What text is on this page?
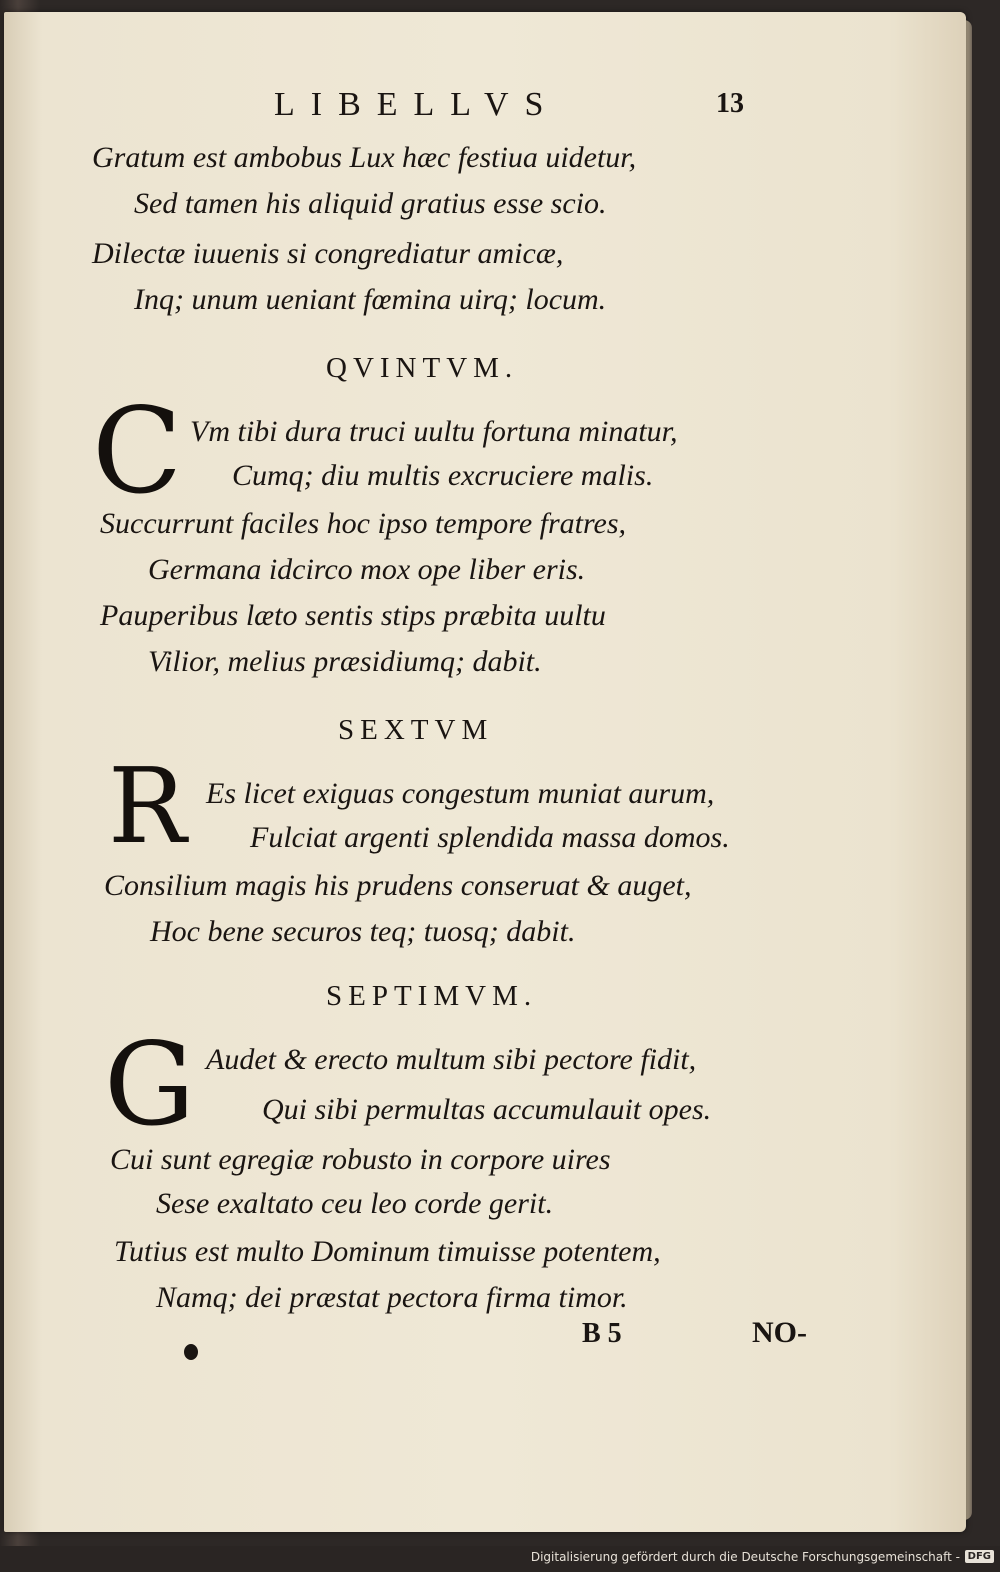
LIBELLVS	13

Gratum est ambobus Lux hæc festiua uidetur,

Sed tamen his aliquid gratius esse scio.

Dilectæ iuuenis si congrediatur amicæ,

Inq; unum ueniant fœmina uirq; locum.

QVINTVM.
C Vm tibi dura truci uultu fortuna minatur,

Cumq; diu multis excruciere malis.

Succurrunt faciles hoc ipso tempore fratres,

Germana idcirco mox ope liber eris.

Pauperibus læto sentis stips præbita uultu

Vilior, melius præsidiumq; dabit.

SEXTVM
R Es licet exiguas congestum muniat aurum,

Fulciat argenti splendida massa domos.

Consilium magis his prudens conseruat & auget,

Hoc bene securos teq; tuosq; dabit.

SEPTIMVM.
G Audet & erecto multum sibi pectore fidit,

Qui sibi permultas accumulauit opes.

Cui sunt egregiæ robusto in corpore uires

Sese exaltato ceu leo corde gerit.

Tutius est multo Dominum timuisse potentem,

Namq; dei præstat pectora firma timor.

B 5	NO-
Digitalisierung gefördert durch die Deutsche Forschungsgemeinschaft - DFG
